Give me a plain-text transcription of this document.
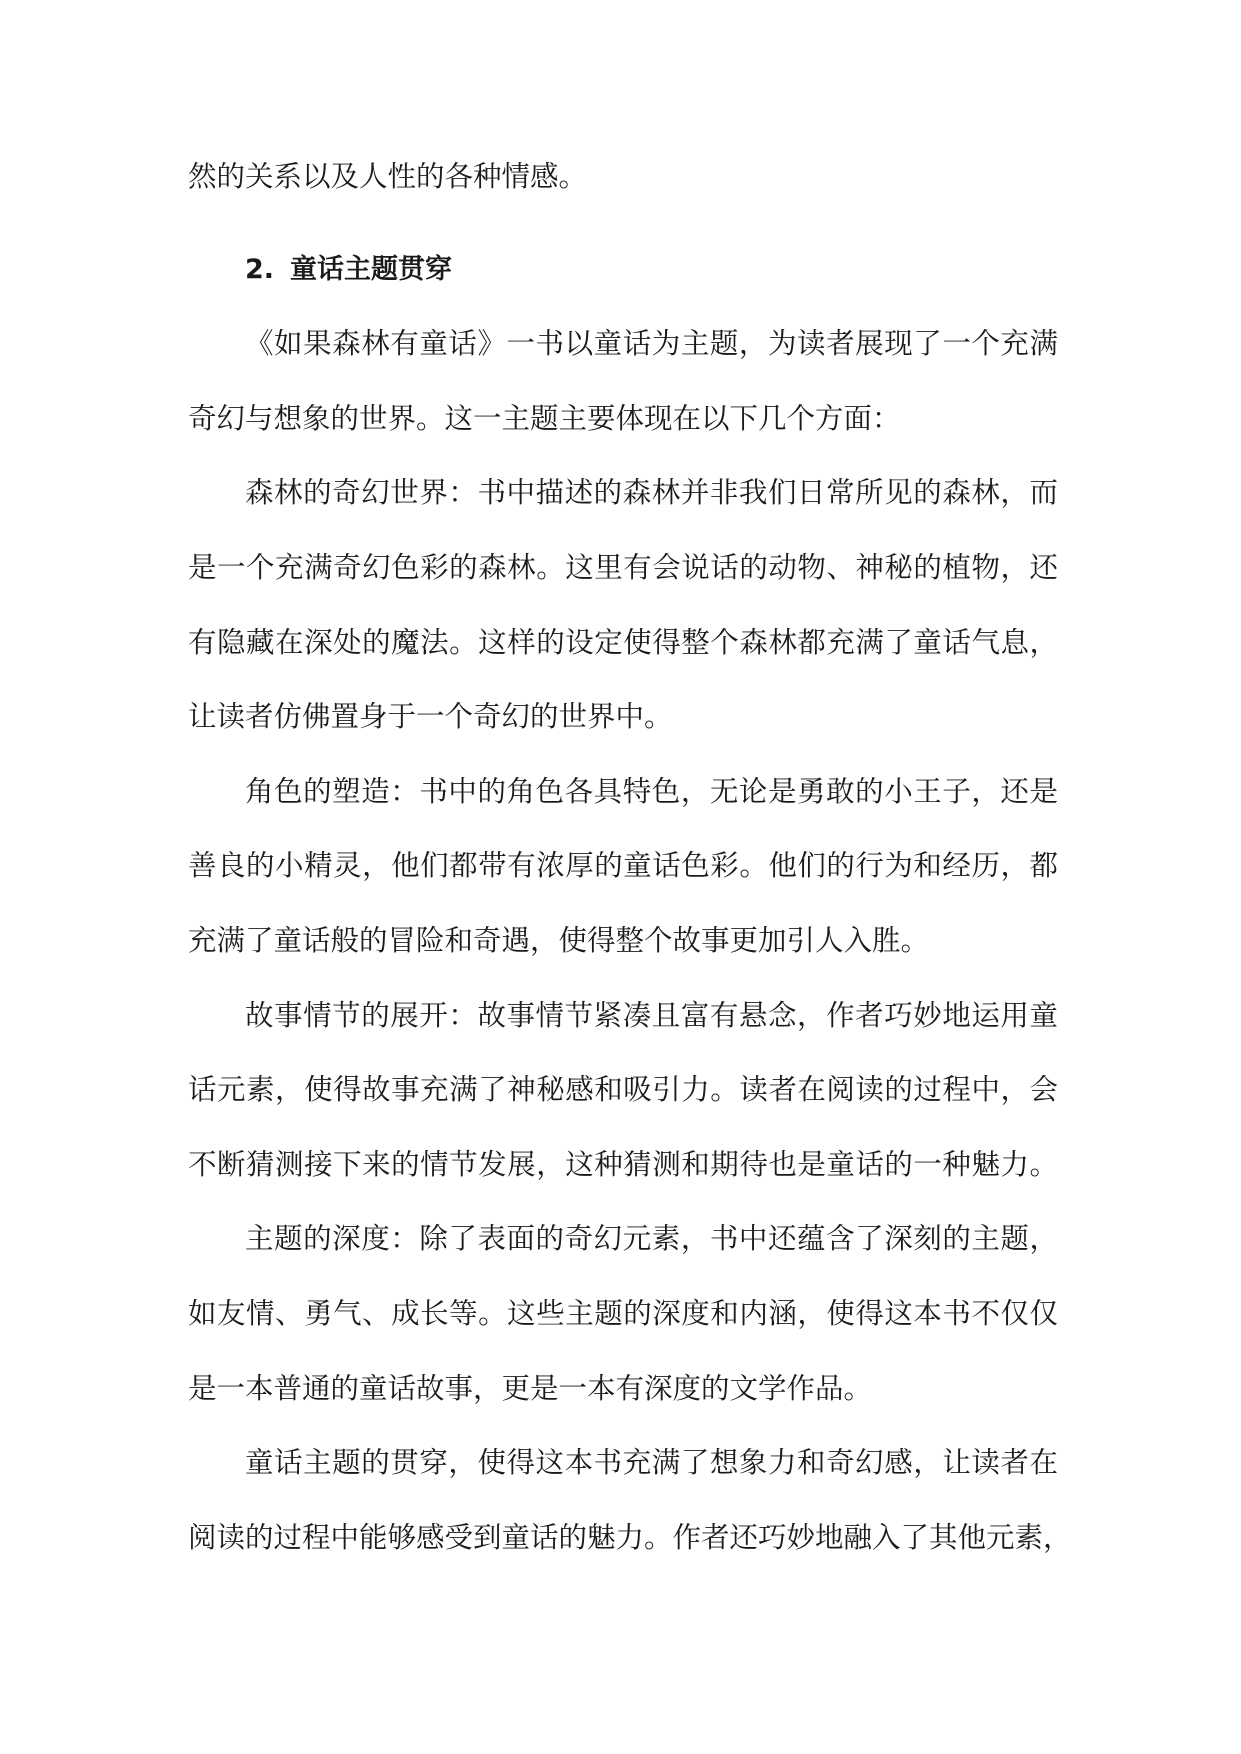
然的关系以及人性的各种情感。
2. 童话主题贯穿
《如果森林有童话》一书以童话为主题，为读者展现了一个充满
奇幻与想象的世界。这一主题主要体现在以下几个方面：
森林的奇幻世界：书中描述的森林并非我们日常所见的森林，而
是一个充满奇幻色彩的森林。这里有会说话的动物、神秘的植物，还
有隐藏在深处的魔法。这样的设定使得整个森林都充满了童话气息，
让读者仿佛置身于一个奇幻的世界中。
角色的塑造：书中的角色各具特色，无论是勇敢的小王子，还是
善良的小精灵，他们都带有浓厚的童话色彩。他们的行为和经历，都
充满了童话般的冒险和奇遇，使得整个故事更加引人入胜。
故事情节的展开：故事情节紧凑且富有悬念，作者巧妙地运用童
话元素，使得故事充满了神秘感和吸引力。读者在阅读的过程中，会
不断猜测接下来的情节发展，这种猜测和期待也是童话的一种魅力。
主题的深度：除了表面的奇幻元素，书中还蕴含了深刻的主题，
如友情、勇气、成长等。这些主题的深度和内涵，使得这本书不仅仅
是一本普通的童话故事，更是一本有深度的文学作品。
童话主题的贯穿，使得这本书充满了想象力和奇幻感，让读者在
阅读的过程中能够感受到童话的魅力。作者还巧妙地融入了其他元素，
